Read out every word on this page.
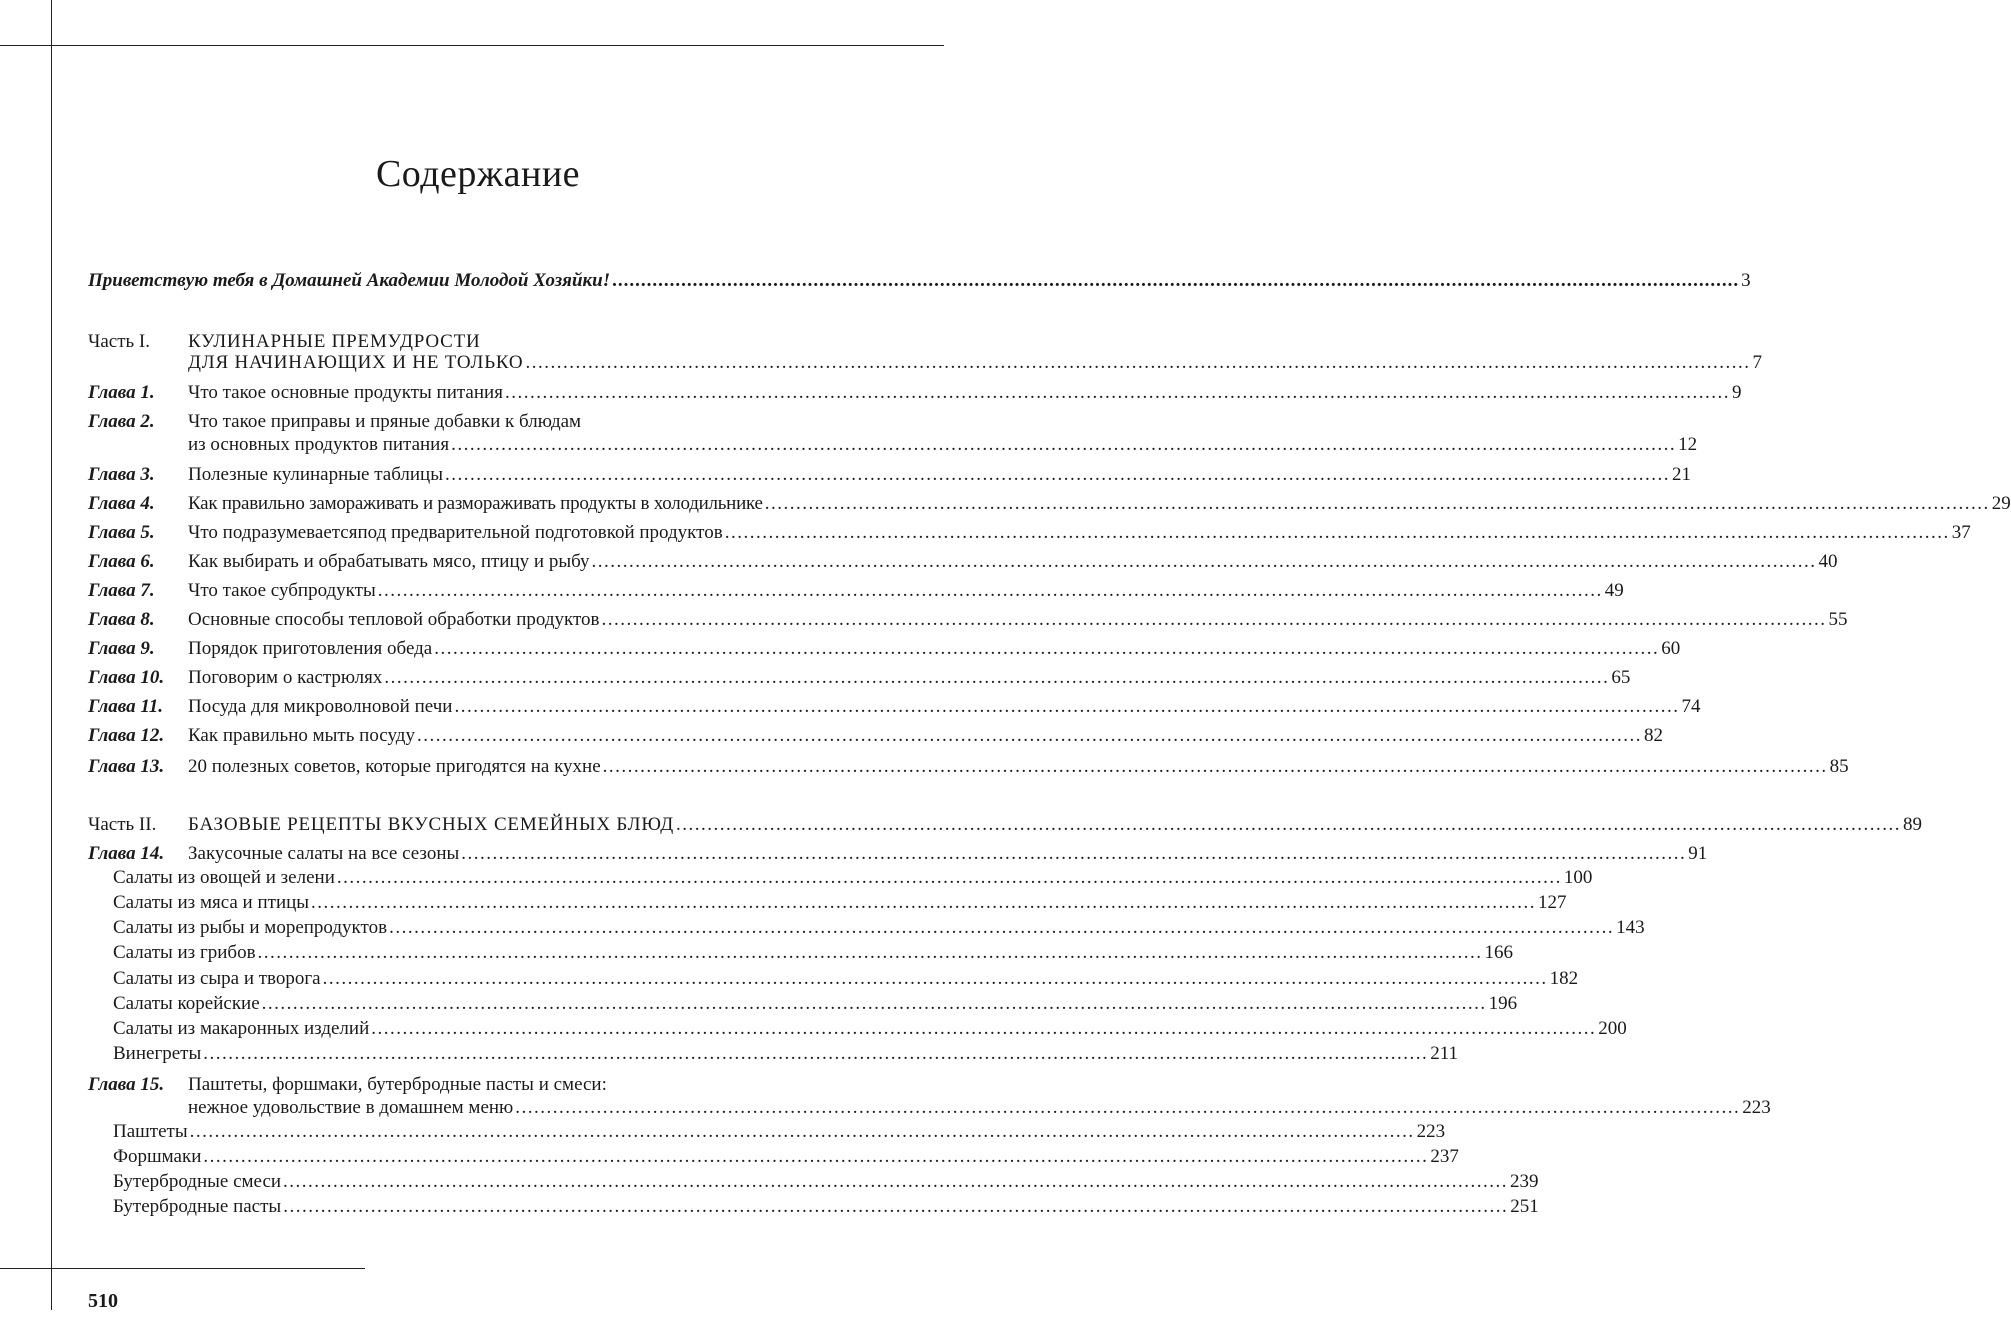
Содержание
Приветствую тебя в Домашней Академии Молодой Хозяйки! .................................................................................................................................................................................................... 3
Часть I. КУЛИНАРНЫЕ ПРЕМУДРОСТИ
ДЛЯ НАЧИНАЮЩИХ И НЕ ТОЛЬКО .................................................................................................................................................................................................... 7
Глава 1. Что такое основные продукты питания .................................................................................................................................................................................................... 9
Глава 2. Что такое приправы и пряные добавки к блюдам
из основных продуктов питания .................................................................................................................................................................................................... 12
Глава 3. Полезные кулинарные таблицы .................................................................................................................................................................................................... 21
Глава 4. Как правильно замораживать и размораживать продукты в холодильнике .................................................................................................................................................................................................... 29
Глава 5. Что подразумеваетсяпод предварительной подготовкой продуктов .................................................................................................................................................................................................... 37
Глава 6. Как выбирать и обрабатывать мясо, птицу и рыбу .................................................................................................................................................................................................... 40
Глава 7. Что такое субпродукты .................................................................................................................................................................................................... 49
Глава 8. Основные способы тепловой обработки продуктов .................................................................................................................................................................................................... 55
Глава 9. Порядок приготовления обеда .................................................................................................................................................................................................... 60
Глава 10. Поговорим о кастрюлях .................................................................................................................................................................................................... 65
Глава 11. Посуда для микроволновой печи .................................................................................................................................................................................................... 74
Глава 12. Как правильно мыть посуду .................................................................................................................................................................................................... 82
Глава 13. 20 полезных советов, которые пригодятся на кухне .................................................................................................................................................................................................... 85
Часть II. БАЗОВЫЕ РЕЦЕПТЫ ВКУСНЫХ СЕМЕЙНЫХ БЛЮД .................................................................................................................................................................................................... 89
Глава 14. Закусочные салаты на все сезоны .................................................................................................................................................................................................... 91
Салаты из овощей и зелени .................................................................................................................................................................................................... 100
Салаты из мяса и птицы .................................................................................................................................................................................................... 127
Салаты из рыбы и морепродуктов .................................................................................................................................................................................................... 143
Салаты из грибов .................................................................................................................................................................................................... 166
Салаты из сыра и творога .................................................................................................................................................................................................... 182
Салаты корейские .................................................................................................................................................................................................... 196
Салаты из макаронных изделий .................................................................................................................................................................................................... 200
Винегреты .................................................................................................................................................................................................... 211
Глава 15. Паштеты, форшмаки, бутербродные пасты и смеси:
нежное удовольствие в домашнем меню .................................................................................................................................................................................................... 223
Паштеты .................................................................................................................................................................................................... 223
Форшмаки .................................................................................................................................................................................................... 237
Бутербродные смеси .................................................................................................................................................................................................... 239
Бутербродные пасты .................................................................................................................................................................................................... 251
510
